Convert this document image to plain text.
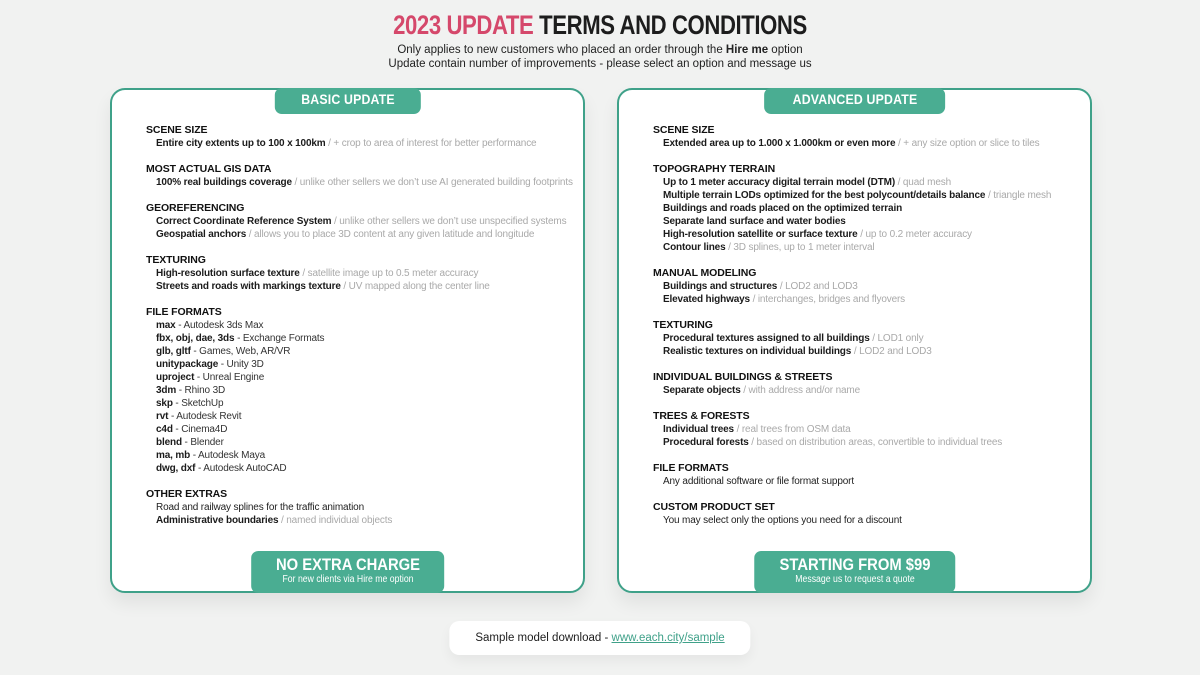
2023 UPDATE TERMS AND CONDITIONS
Only applies to new customers who placed an order through the Hire me option
Update contain number of improvements - please select an option and message us
BASIC UPDATE
SCENE SIZE
Entire city extents up to 100 x 100km / + crop to area of interest for better performance
MOST ACTUAL GIS DATA
100% real buildings coverage / unlike other sellers we don’t use AI generated building footprints
GEOREFERENCING
Correct Coordinate Reference System / unlike other sellers we don’t use unspecified systems
Geospatial anchors / allows you to place 3D content at any given latitude and longitude
TEXTURING
High-resolution surface texture / satellite image up to 0.5 meter accuracy
Streets and roads with markings texture / UV mapped along the center line
FILE FORMATS
max - Autodesk 3ds Max
fbx, obj, dae, 3ds - Exchange Formats
glb, gltf - Games, Web, AR/VR
unitypackage - Unity 3D
uproject - Unreal Engine
3dm - Rhino 3D
skp - SketchUp
rvt - Autodesk Revit
c4d - Cinema4D
blend - Blender
ma, mb - Autodesk Maya
dwg, dxf - Autodesk AutoCAD
OTHER EXTRAS
Road and railway splines for the traffic animation
Administrative boundaries / named individual objects
NO EXTRA CHARGE
For new clients via Hire me option
ADVANCED UPDATE
SCENE SIZE
Extended area up to 1.000 x 1.000km or even more / + any size option or slice to tiles
TOPOGRAPHY TERRAIN
Up to 1 meter accuracy digital terrain model (DTM) / quad mesh
Multiple terrain LODs optimized for the best polycount/details balance / triangle mesh
Buildings and roads placed on the optimized terrain
Separate land surface and water bodies
High-resolution satellite or surface texture / up to 0.2 meter accuracy
Contour lines / 3D splines, up to 1 meter interval
MANUAL MODELING
Buildings and structures / LOD2 and LOD3
Elevated highways / interchanges, bridges and flyovers
TEXTURING
Procedural textures assigned to all buildings / LOD1 only
Realistic textures on individual buildings / LOD2 and LOD3
INDIVIDUAL BUILDINGS & STREETS
Separate objects / with address and/or name
TREES & FORESTS
Individual trees / real trees from OSM data
Procedural forests / based on distribution areas, convertible to individual trees
FILE FORMATS
Any additional software or file format support
CUSTOM PRODUCT SET
You may select only the options you need for a discount
STARTING FROM $99
Message us to request a quote
Sample model download - www.each.city/sample
